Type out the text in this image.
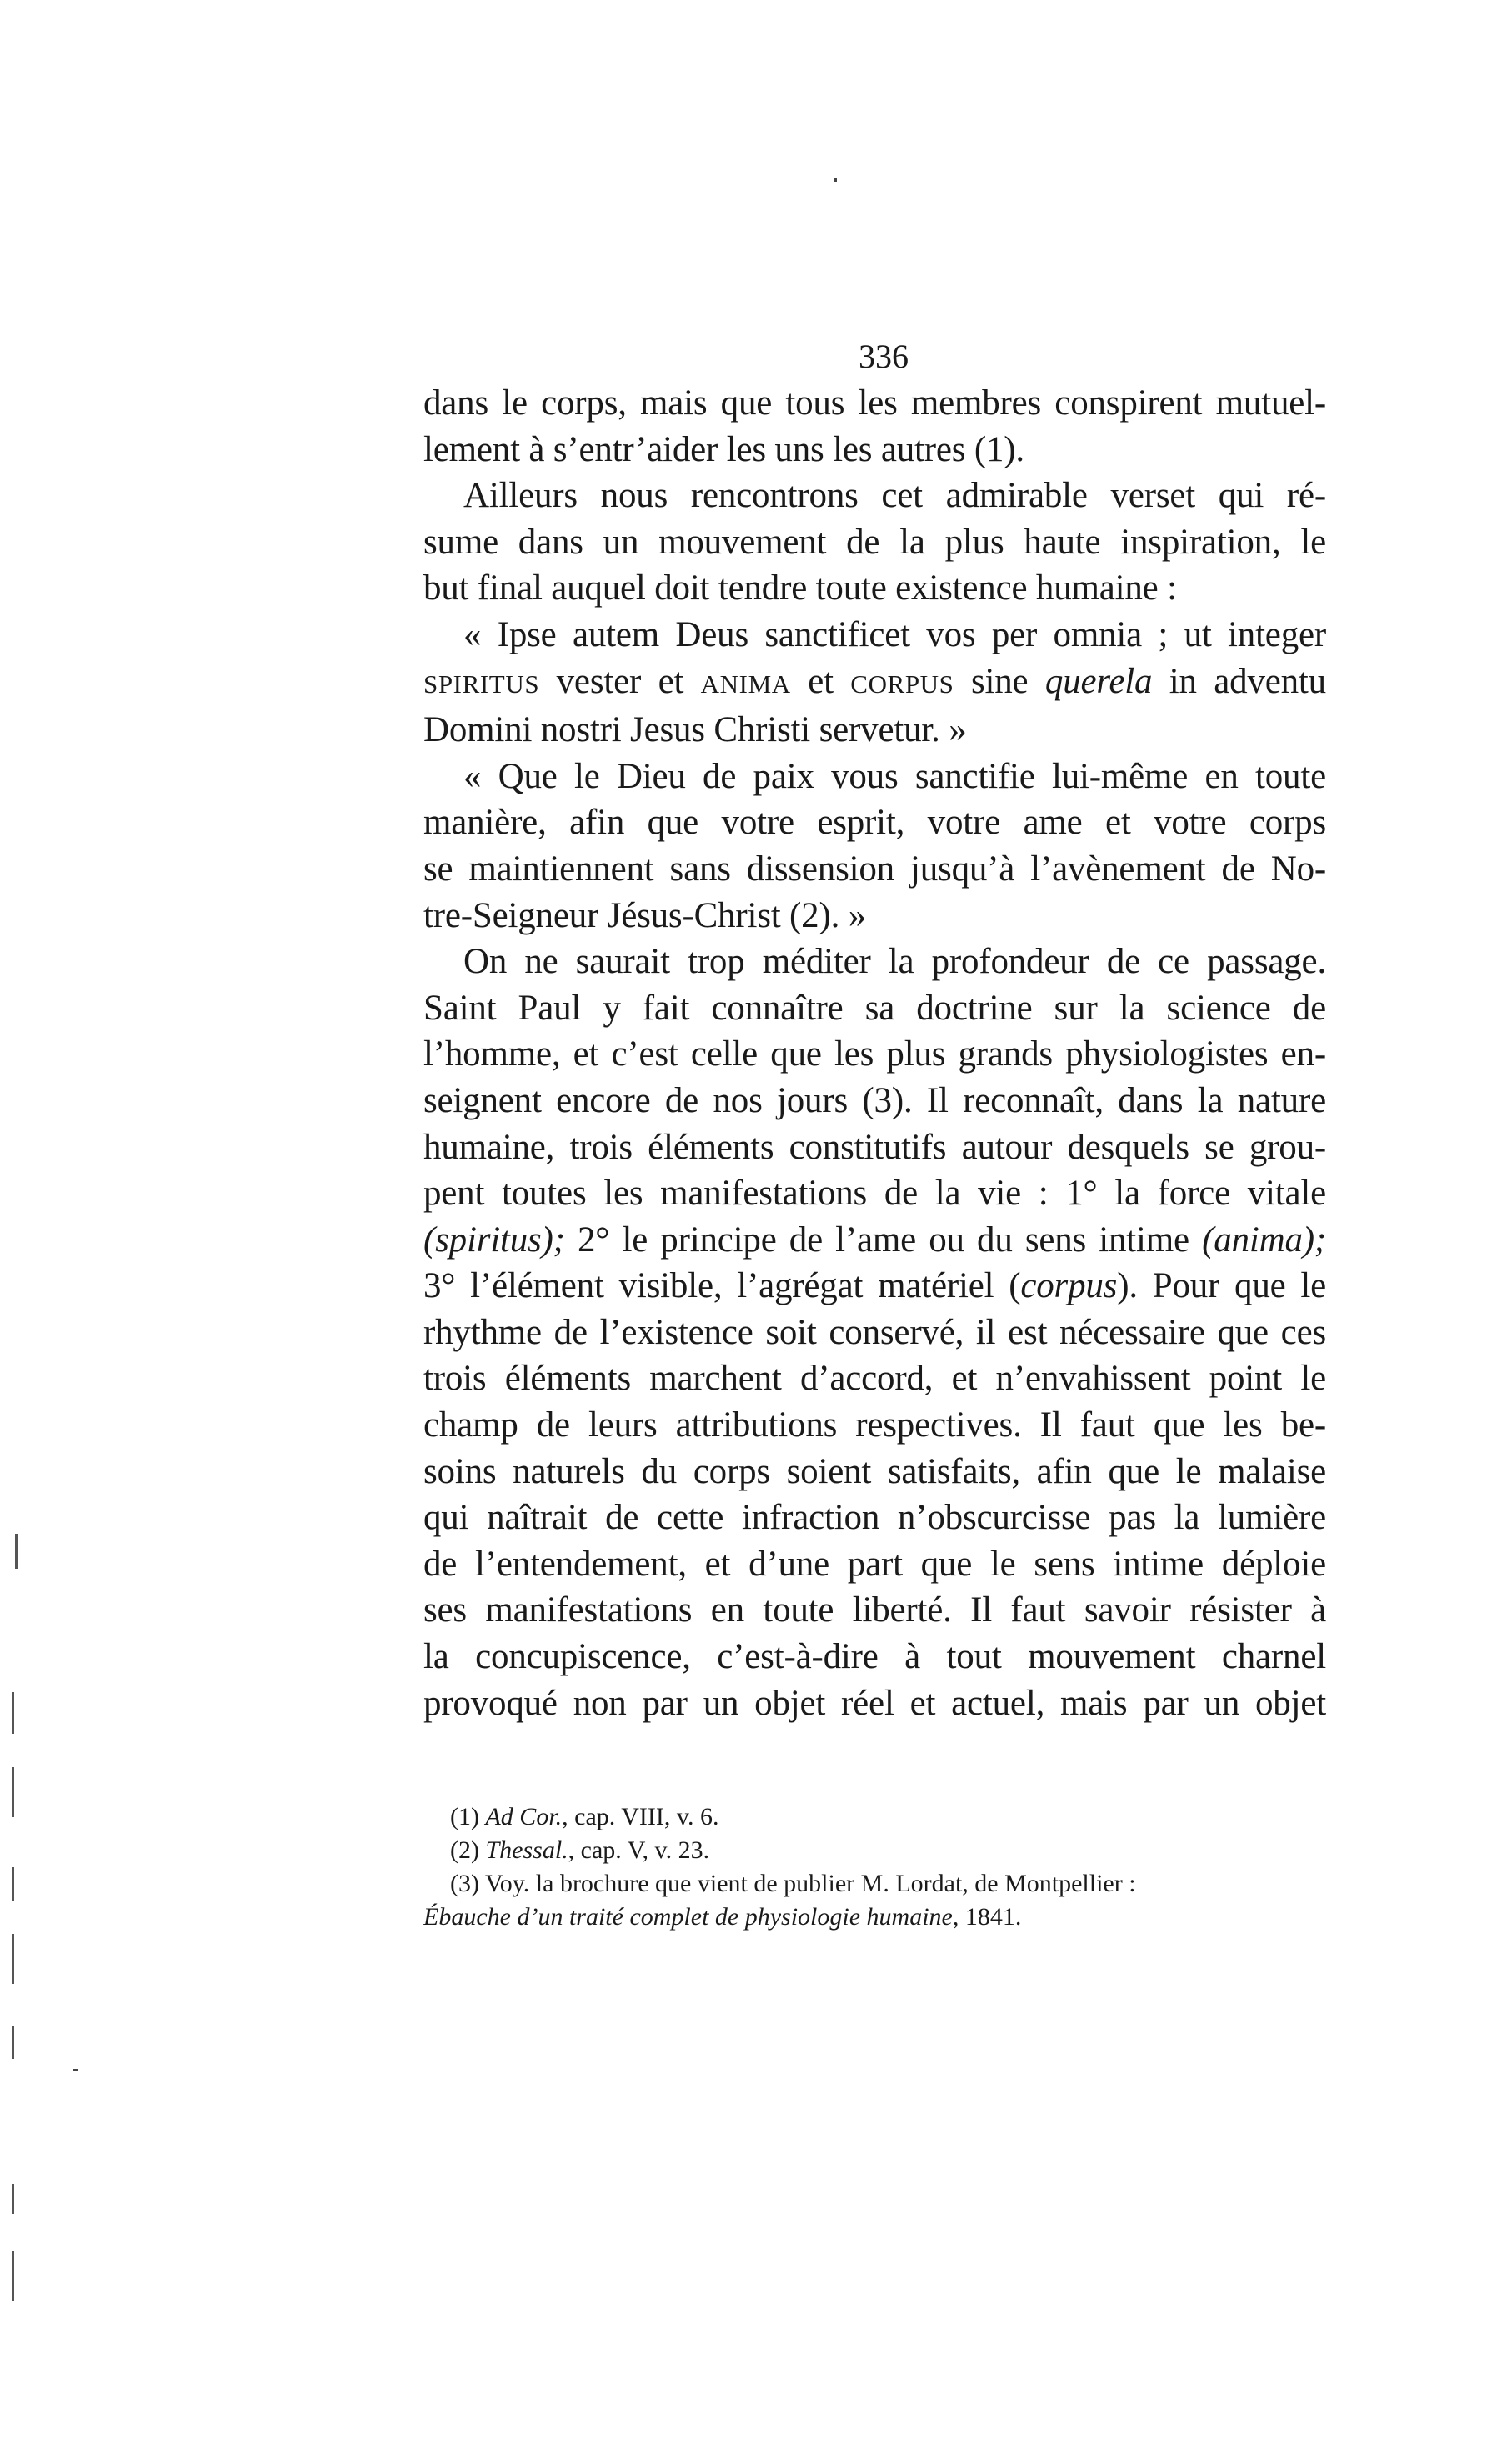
336
dans le corps, mais que tous les membres conspirent mutuel-
lement à s’entr’aider les uns les autres (1).
Ailleurs nous rencontrons cet admirable verset qui ré-
sume dans un mouvement de la plus haute inspiration, le
but final auquel doit tendre toute existence humaine :
« Ipse autem Deus sanctificet vos per omnia ; ut integer
SPIRITUS vester et ANIMA et CORPUS sine querela in adventu
Domini nostri Jesus Christi servetur. »
« Que le Dieu de paix vous sanctifie lui-même en toute
manière, afin que votre esprit, votre ame et votre corps
se maintiennent sans dissension jusqu’à l’avènement de No-
tre-Seigneur Jésus-Christ (2). »
On ne saurait trop méditer la profondeur de ce passage.
Saint Paul y fait connaître sa doctrine sur la science de
l’homme, et c’est celle que les plus grands physiologistes en-
seignent encore de nos jours (3). Il reconnaît, dans la nature
humaine, trois éléments constitutifs autour desquels se grou-
pent toutes les manifestations de la vie : 1° la force vitale
(spiritus); 2° le principe de l’ame ou du sens intime (anima);
3° l’élément visible, l’agrégat matériel (corpus). Pour que le
rhythme de l’existence soit conservé, il est nécessaire que ces
trois éléments marchent d’accord, et n’envahissent point le
champ de leurs attributions respectives. Il faut que les be-
soins naturels du corps soient satisfaits, afin que le malaise
qui naîtrait de cette infraction n’obscurcisse pas la lumière
de l’entendement, et d’une part que le sens intime déploie
ses manifestations en toute liberté. Il faut savoir résister à
la concupiscence, c’est-à-dire à tout mouvement charnel
provoqué non par un objet réel et actuel, mais par un objet
(1) Ad Cor., cap. VIII, v. 6.
(2) Thessal., cap. V, v. 23.
(3) Voy. la brochure que vient de publier M. Lordat, de Montpellier :
Ébauche d’un traité complet de physiologie humaine, 1841.
